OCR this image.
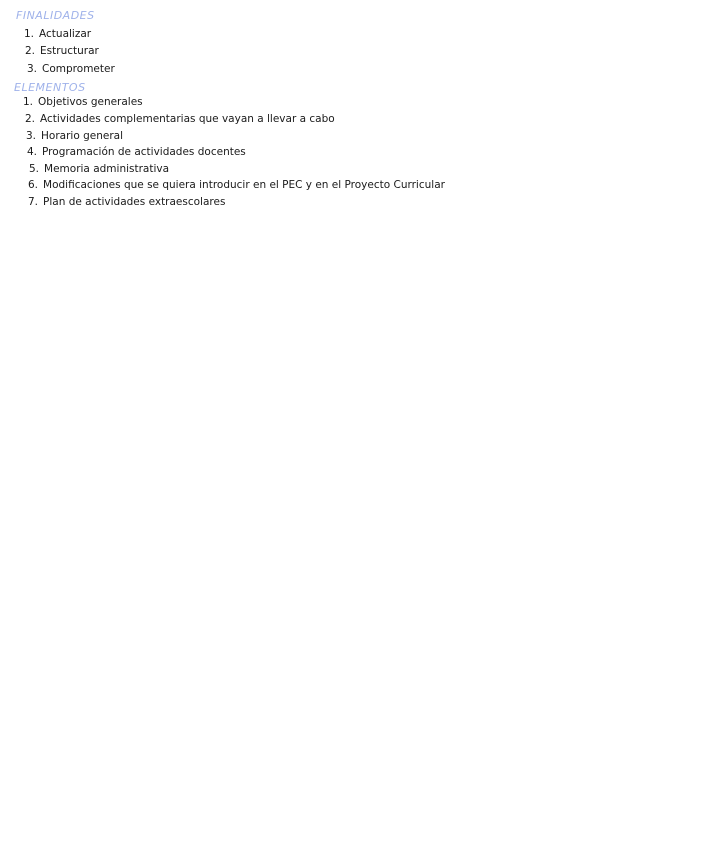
FINALIDADES
1. Actualizar
2. Estructurar
3. Comprometer
ELEMENTOS
1. Objetivos generales
2. Actividades complementarias que vayan a llevar a cabo
3. Horario general
4. Programación de actividades docentes
5. Memoria administrativa
6. Modificaciones que se quiera introducir en el PEC y en el Proyecto Curricular
7. Plan de actividades extraescolares
